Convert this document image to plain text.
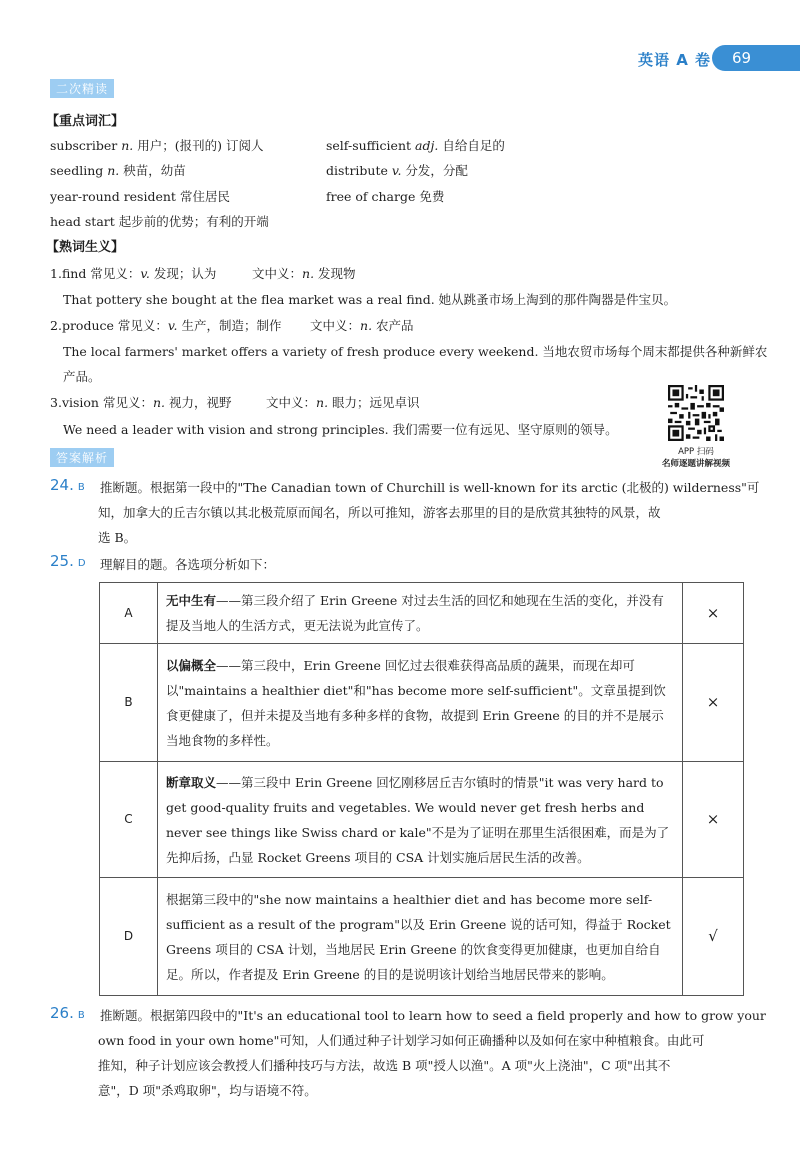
英语 A 卷	69
二次精读
【重点词汇】
subscriber n. 用户；(报刊的) 订阅人	self-sufficient adj. 自给自足的
seedling n. 秧苗，幼苗	distribute v. 分发，分配
year-round resident 常住居民	free of charge 免费
head start 起步前的优势；有利的开端
【熟词生义】
1.find 常见义：v. 发现；认为	文中义：n. 发现物
That pottery she bought at the flea market was a real find. 她从跳蚤市场上淘到的那件陶器是件宝贝。
2.produce 常见义：v. 生产，制造；制作 文中义：n. 农产品
The local farmers' market offers a variety of fresh produce every weekend. 当地农贸市场每个周末都提供各种新鲜农
产品。
3.vision 常见义：n. 视力，视野	文中义：n. 眼力；远见卓识
We need a leader with vision and strong principles. 我们需要一位有远见、坚守原则的领导。
APP 扫码
名师逐题讲解视频
答案解析
24. B 推断题。根据第一段中的"The Canadian town of Churchill is well-known for its arctic (北极的) wilderness"可
知，加拿大的丘吉尔镇以其北极荒原而闻名，所以可推知，游客去那里的目的是欣赏其独特的风景，故
选 B。
25. D 理解目的题。各选项分析如下：
A	无中生有——第三段介绍了 Erin Greene 对过去生活的回忆和她现在生活的变化，并没有提及当地人的生活方式，更无法说为此宣传了。	×
B	以偏概全——第三段中，Erin Greene 回忆过去很难获得高品质的蔬果，而现在却可以"maintains a healthier diet"和"has become more self-sufficient"。文章虽提到饮食更健康了，但并未提及当地有多种多样的食物，故提到 Erin Greene 的目的并不是展示当地食物的多样性。	×
C	断章取义——第三段中 Erin Greene 回忆刚移居丘吉尔镇时的情景"it was very hard to get good-quality fruits and vegetables. We would never get fresh herbs and never see things like Swiss chard or kale"不是为了证明在那里生活很困难，而是为了先抑后扬，凸显 Rocket Greens 项目的 CSA 计划实施后居民生活的改善。	×
D	根据第三段中的"she now maintains a healthier diet and has become more self-sufficient as a result of the program"以及 Erin Greene 说的话可知，得益于 Rocket Greens 项目的 CSA 计划，当地居民 Erin Greene 的饮食变得更加健康，也更加自给自足。所以，作者提及 Erin Greene 的目的是说明该计划给当地居民带来的影响。	√
26. B 推断题。根据第四段中的"It's an educational tool to learn how to seed a field properly and how to grow your
own food in your own home"可知，人们通过种子计划学习如何正确播种以及如何在家中种植粮食。由此可
推知，种子计划应该会教授人们播种技巧与方法，故选 B 项"授人以渔"。A 项"火上浇油"，C 项"出其不
意"，D 项"杀鸡取卵"，均与语境不符。
